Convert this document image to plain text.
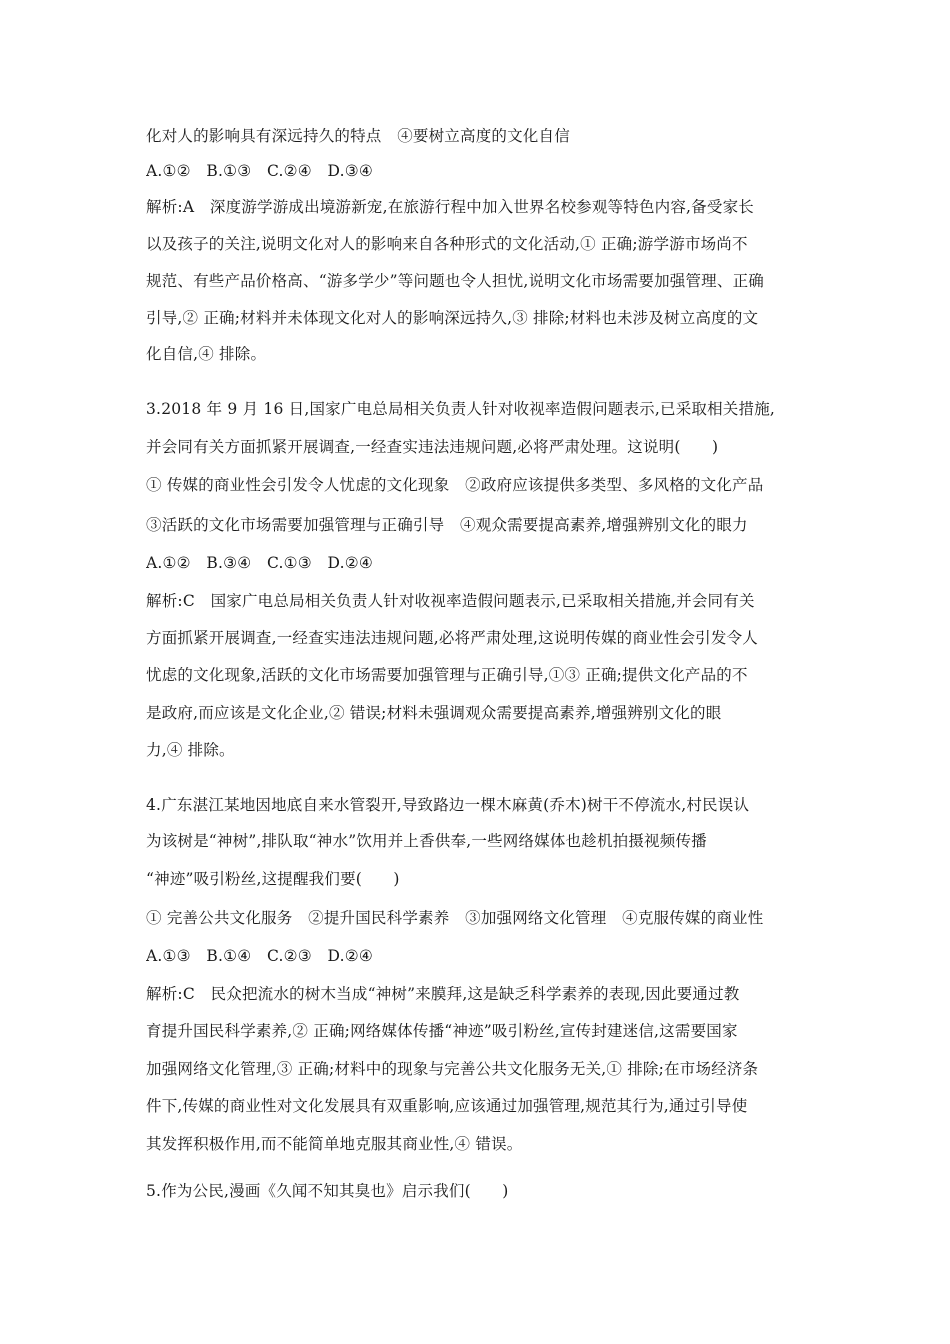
化对人的影响具有深远持久的特点　④要树立高度的文化自信
A.①②　B.①③　C.②④　D.③④
解析:A　深度游学游成出境游新宠,在旅游行程中加入世界名校参观等特色内容,备受家长
以及孩子的关注,说明文化对人的影响来自各种形式的文化活动,① 正确;游学游市场尚不
规范、有些产品价格高、“游多学少”等问题也令人担忧,说明文化市场需要加强管理、正确
引导,② 正确;材料并未体现文化对人的影响深远持久,③ 排除;材料也未涉及树立高度的文
化自信,④ 排除。
3.2018 年 9 月 16 日,国家广电总局相关负责人针对收视率造假问题表示,已采取相关措施,
并会同有关方面抓紧开展调查,一经查实违法违规问题,必将严肃处理。这说明(　　)
① 传媒的商业性会引发令人忧虑的文化现象　②政府应该提供多类型、多风格的文化产品
③活跃的文化市场需要加强管理与正确引导　④观众需要提高素养,增强辨别文化的眼力
A.①②　B.③④　C.①③　D.②④
解析:C　国家广电总局相关负责人针对收视率造假问题表示,已采取相关措施,并会同有关
方面抓紧开展调查,一经查实违法违规问题,必将严肃处理,这说明传媒的商业性会引发令人
忧虑的文化现象,活跃的文化市场需要加强管理与正确引导,①③ 正确;提供文化产品的不
是政府,而应该是文化企业,② 错误;材料未强调观众需要提高素养,增强辨别文化的眼
力,④ 排除。
4.广东湛江某地因地底自来水管裂开,导致路边一棵木麻黄(乔木)树干不停流水,村民误认
为该树是“神树”,排队取“神水”饮用并上香供奉,一些网络媒体也趁机拍摄视频传播
“神迹”吸引粉丝,这提醒我们要(　　)
① 完善公共文化服务　②提升国民科学素养　③加强网络文化管理　④克服传媒的商业性
A.①③　B.①④　C.②③　D.②④
解析:C　民众把流水的树木当成“神树”来膜拜,这是缺乏科学素养的表现,因此要通过教
育提升国民科学素养,② 正确;网络媒体传播“神迹”吸引粉丝,宣传封建迷信,这需要国家
加强网络文化管理,③ 正确;材料中的现象与完善公共文化服务无关,① 排除;在市场经济条
件下,传媒的商业性对文化发展具有双重影响,应该通过加强管理,规范其行为,通过引导使
其发挥积极作用,而不能简单地克服其商业性,④ 错误。
5.作为公民,漫画《久闻不知其臭也》启示我们(　　)
